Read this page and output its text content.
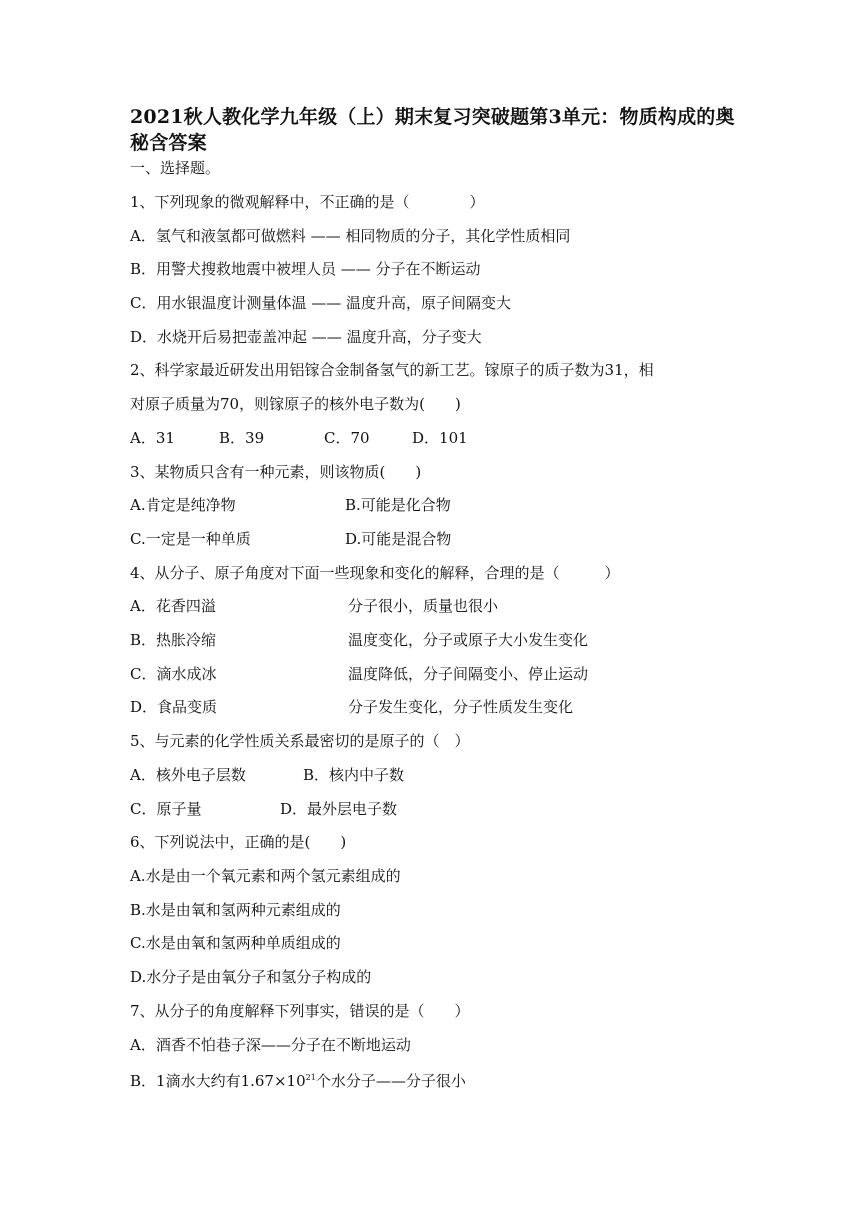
2021秋人教化学九年级（上）期末复习突破题第3单元：物质构成的奥秘含答案
一、选择题。
1、下列现象的微观解释中，不正确的是（　　　　）
A．氢气和液氢都可做燃料 —— 相同物质的分子，其化学性质相同
B．用警犬搜救地震中被埋人员 —— 分子在不断运动
C．用水银温度计测量体温 —— 温度升高，原子间隔变大
D．水烧开后易把壶盖冲起 —— 温度升高，分子变大
2、科学家最近研发出用铝镓合金制备氢气的新工艺。镓原子的质子数为31，相
对原子质量为70，则镓原子的核外电子数为(　　)
A．31	B．39	C．70	D．101
3、某物质只含有一种元素，则该物质(　　)
A.肯定是纯净物	B.可能是化合物
C.一定是一种单质	D.可能是混合物
4、从分子、原子角度对下面一些现象和变化的解释，合理的是（　　　）
A．花香四溢	分子很小，质量也很小
B．热胀冷缩	温度变化，分子或原子大小发生变化
C．滴水成冰	温度降低，分子间隔变小、停止运动
D．食品变质	分子发生变化，分子性质发生变化
5、与元素的化学性质关系最密切的是原子的（　）
A．核外电子层数	B．核内中子数
C．原子量	D．最外层电子数
6、下列说法中，正确的是(　　)
A.水是由一个氧元素和两个氢元素组成的
B.水是由氧和氢两种元素组成的
C.水是由氧和氢两种单质组成的
D.水分子是由氧分子和氢分子构成的
7、从分子的角度解释下列事实，错误的是（　　）
A．酒香不怕巷子深——分子在不断地运动
B．1滴水大约有$1.67\times 10^{21}$个水分子——分子很小
